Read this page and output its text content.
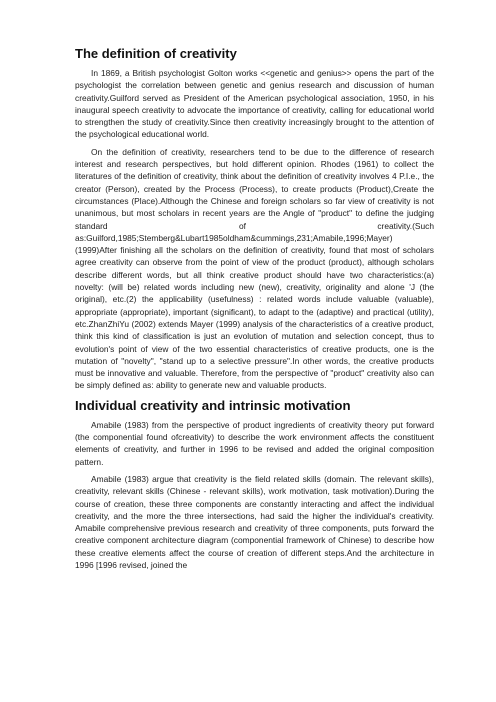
The definition of creativity

In 1869, a British psychologist Golton works <<genetic and genius>> opens the part of the psychologist the correlation between genetic and genius research and discussion of human creativity.Guilford served as President of the American psychological association, 1950, in his inaugural speech creativity to advocate the importance of creativity, calling for educational world to strengthen the study of creativity.Since then creativity increasingly brought to the attention of the psychological educational world.

On the definition of creativity, researchers tend to be due to the difference of research interest and research perspectives, but hold different opinion. Rhodes (1961) to collect the literatures of the definition of creativity, think about the definition of creativity involves 4 P.I.e., the creator (Person), created by the Process (Process), to create products (Product),Create the circumstances (Place).Although the Chinese and foreign scholars so far view of creativity is not unanimous, but most scholars in recent years are the Angle of "product" to define the judging standard of creativity.(Such as:Guilford,1985;Stemberg&Lubart1985oldham&cummings,231;Amabile,1996;Mayer)(1999)After finishing all the scholars on the definition of creativity, found that most of scholars agree creativity can observe from the point of view of the product (product), although scholars describe different words, but all think creative product should have two characteristics:(a) novelty: (will be) related words including new (new), creativity, originality and alone 'J (the original), etc.(2) the applicability (usefulness) : related words include valuable (valuable), appropriate (appropriate), important (significant), to adapt to the (adaptive) and practical (utility), etc.ZhanZhiYu (2002) extends Mayer (1999) analysis of the characteristics of a creative product, think this kind of classification is just an evolution of mutation and selection concept, thus to evolution's point of view of the two essential characteristics of creative products, one is the mutation of "novelty", "stand up to a selective pressure".In other words, the creative products must be innovative and valuable. Therefore, from the perspective of "product" creativity also can be simply defined as: ability to generate new and valuable products.

Individual creativity and intrinsic motivation

Amabile (1983) from the perspective of product ingredients of creativity theory put forward (the componential found ofcreativity) to describe the work environment affects the constituent elements of creativity, and further in 1996 to be revised and added the original composition pattern.

Amabile (1983) argue that creativity is the field related skills (domain. The relevant skills), creativity, relevant skills (Chinese - relevant skills), work motivation, task motivation).During the course of creation, these three components are constantly interacting and affect the individual creativity, and the more the three intersections, had said the higher the individual's creativity. Amabile comprehensive previous research and creativity of three components, puts forward the creative component architecture diagram (componential framework of Chinese) to describe how these creative elements affect the course of creation of different steps.And the architecture in 1996 [1996 revised, joined the
